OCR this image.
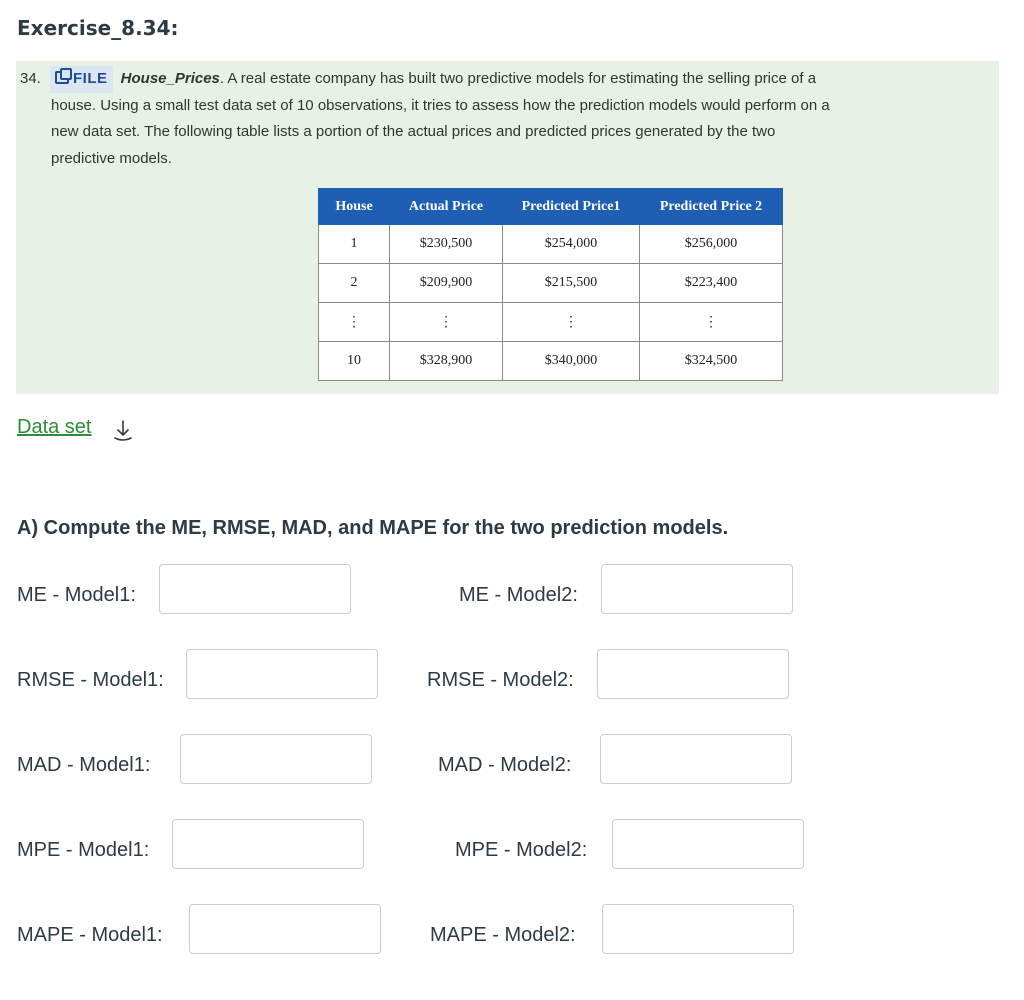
Exercise_8.34:
34. FILE House_Prices. A real estate company has built two predictive models for estimating the selling price of a
house. Using a small test data set of 10 observations, it tries to assess how the prediction models would perform on a
new data set. The following table lists a portion of the actual prices and predicted prices generated by the two
predictive models.
House	Actual Price	Predicted Price1	Predicted Price 2
1	$230,500	$254,000	$256,000
2	$209,900	$215,500	$223,400
⋮	⋮	⋮	⋮
10	$328,900	$340,000	$324,500
Data set
A) Compute the ME, RMSE, MAD, and MAPE for the two prediction models.
ME - Model1:	ME - Model2:
RMSE - Model1:	RMSE - Model2:
MAD - Model1:	MAD - Model2:
MPE - Model1:	MPE - Model2:
MAPE - Model1:	MAPE - Model2:
